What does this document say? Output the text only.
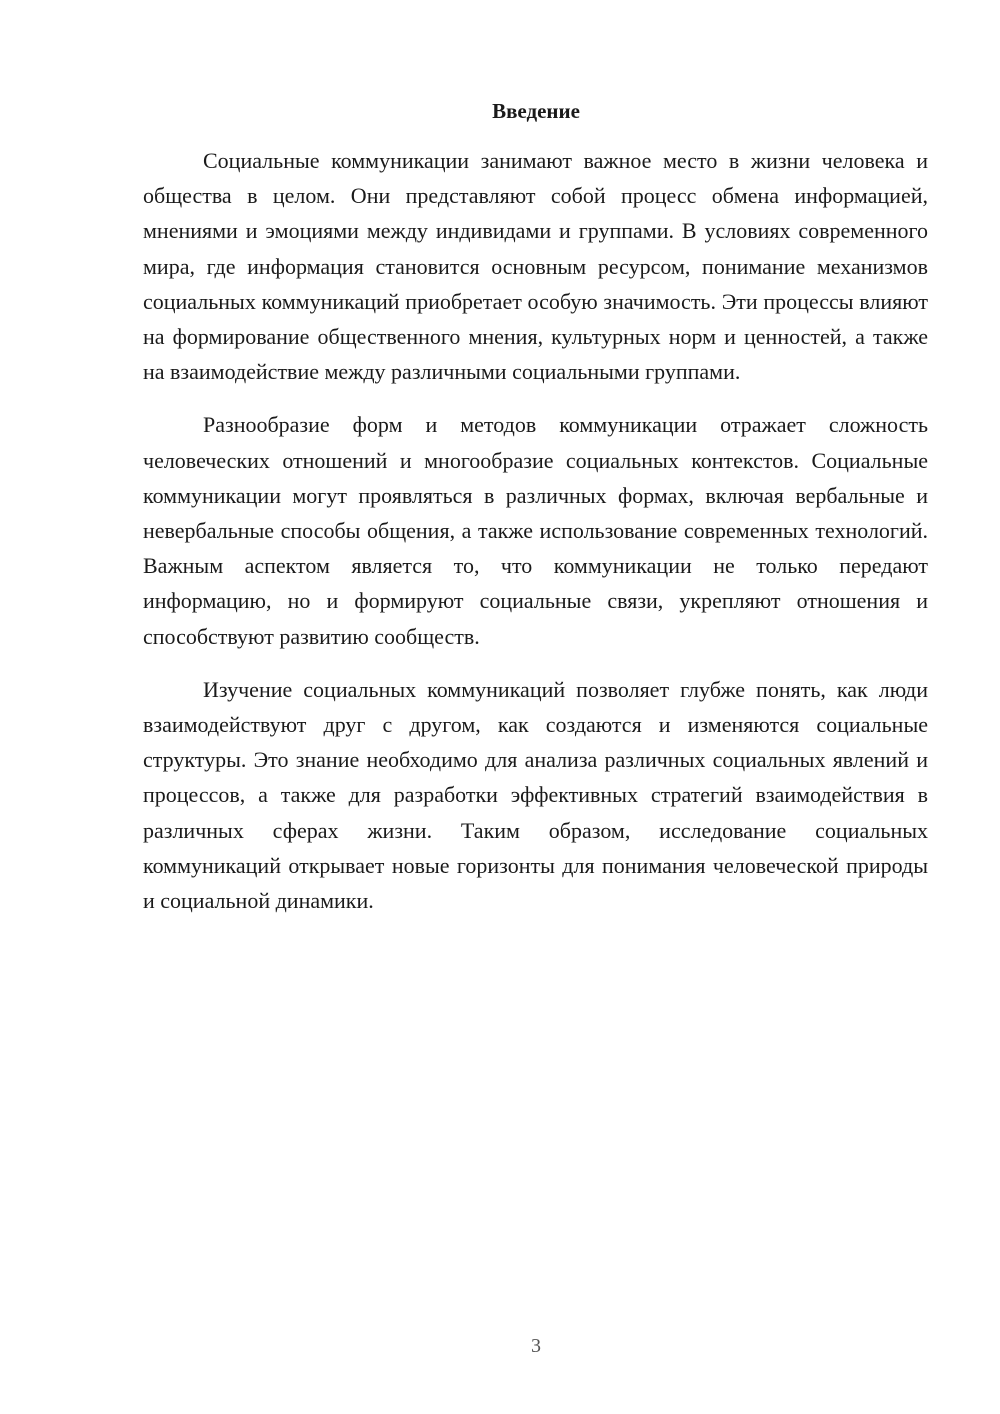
Введение

Социальные коммуникации занимают важное место в жизни человека и общества в целом. Они представляют собой процесс обмена информацией, мнениями и эмоциями между индивидами и группами. В условиях современного мира, где информация становится основным ресурсом, понимание механизмов социальных коммуникаций приобретает особую значимость. Эти процессы влияют на формирование общественного мнения, культурных норм и ценностей, а также на взаимодействие между различными социальными группами.

Разнообразие форм и методов коммуникации отражает сложность человеческих отношений и многообразие социальных контекстов. Социальные коммуникации могут проявляться в различных формах, включая вербальные и невербальные способы общения, а также использование современных технологий. Важным аспектом является то, что коммуникации не только передают информацию, но и формируют социальные связи, укрепляют отношения и способствуют развитию сообществ.

Изучение социальных коммуникаций позволяет глубже понять, как люди взаимодействуют друг с другом, как создаются и изменяются социальные структуры. Это знание необходимо для анализа различных социальных явлений и процессов, а также для разработки эффективных стратегий взаимодействия в различных сферах жизни. Таким образом, исследование социальных коммуникаций открывает новые горизонты для понимания человеческой природы и социальной динамики.

3
